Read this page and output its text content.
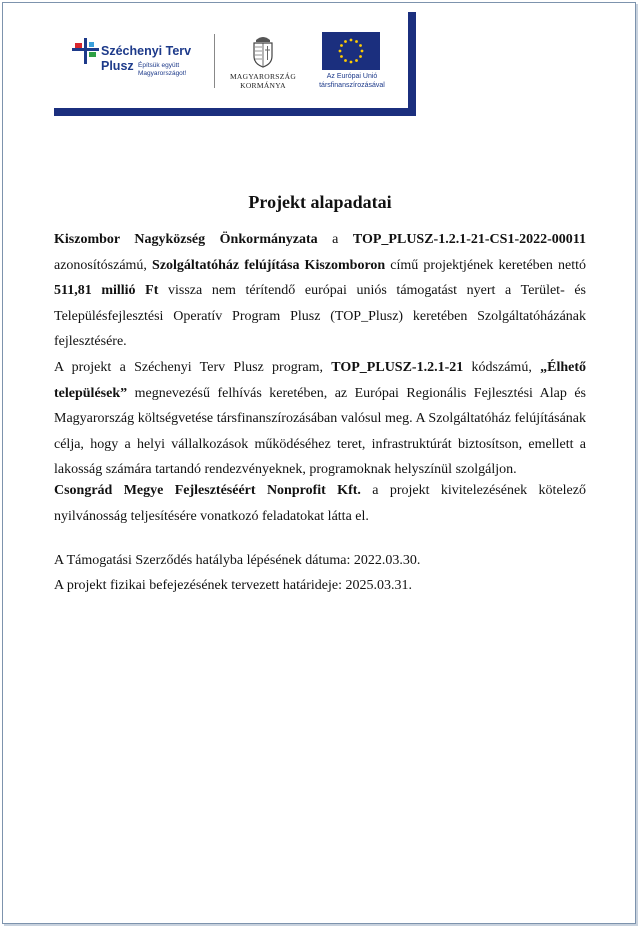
Széchenyi Terv
Plusz Építsük együtt
Magyarországot!	MAGYARORSZÁG
KORMÁNYA
Az Európai Unió
társfinanszírozásával
Projekt alapadatai

Kiszombor Nagyközség Önkormányzata a TOP_PLUSZ-1.2.1-21-CS1-2022-00011 azonosítószámú, Szolgáltatóház felújítása Kiszomboron című projektjének keretében nettó 511,81 millió Ft vissza nem térítendő európai uniós támogatást nyert a Terület- és Településfejlesztési Operatív Program Plusz (TOP_Plusz) keretében Szolgáltatóházának fejlesztésére.

A projekt a Széchenyi Terv Plusz program, TOP_PLUSZ-1.2.1-21 kódszámú, „Élhető települések” megnevezésű felhívás keretében, az Európai Regionális Fejlesztési Alap és Magyarország költségvetése társfinanszírozásában valósul meg. A Szolgáltatóház felújításának célja, hogy a helyi vállalkozások működéséhez teret, infrastruktúrát biztosítson, emellett a lakosság számára tartandó rendezvényeknek, programoknak helyszínül szolgáljon.

Csongrád Megye Fejlesztéséért Nonprofit Kft. a projekt kivitelezésének kötelező nyilvánosság teljesítésére vonatkozó feladatokat látta el.

A Támogatási Szerződés hatályba lépésének dátuma: 2022.03.30.
A projekt fizikai befejezésének tervezett határideje: 2025.03.31.
